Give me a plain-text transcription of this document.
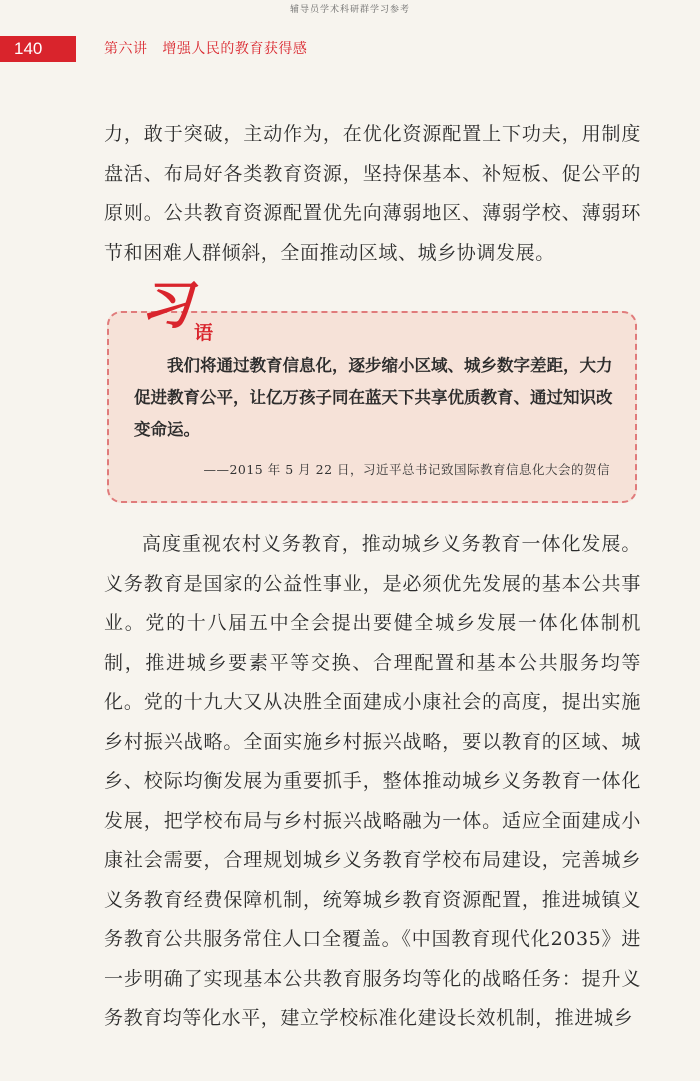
辅导员学术科研群学习参考
140	第六讲   增强人民的教育获得感

力，敢于突破，主动作为，在优化资源配置上下功夫，用制度盘活、布局好各类教育资源，坚持保基本、补短板、促公平的原则。公共教育资源配置优先向薄弱地区、薄弱学校、薄弱环节和困难人群倾斜，全面推动区域、城乡协调发展。

习 语

我们将通过教育信息化，逐步缩小区域、城乡数字差距，大力促进教育公平，让亿万孩子同在蓝天下共享优质教育、通过知识改变命运。

——2015 年 5 月 22 日，习近平总书记致国际教育信息化大会的贺信

高度重视农村义务教育，推动城乡义务教育一体化发展。义务教育是国家的公益性事业，是必须优先发展的基本公共事业。党的十八届五中全会提出要健全城乡发展一体化体制机制，推进城乡要素平等交换、合理配置和基本公共服务均等化。党的十九大又从决胜全面建成小康社会的高度，提出实施乡村振兴战略。全面实施乡村振兴战略，要以教育的区域、城乡、校际均衡发展为重要抓手，整体推动城乡义务教育一体化发展，把学校布局与乡村振兴战略融为一体。适应全面建成小康社会需要，合理规划城乡义务教育学校布局建设，完善城乡义务教育经费保障机制，统筹城乡教育资源配置，推进城镇义务教育公共服务常住人口全覆盖。《中国教育现代化2035》进一步明确了实现基本公共教育服务均等化的战略任务：提升义务教育均等化水平，建立学校标准化建设长效机制，推进城乡
